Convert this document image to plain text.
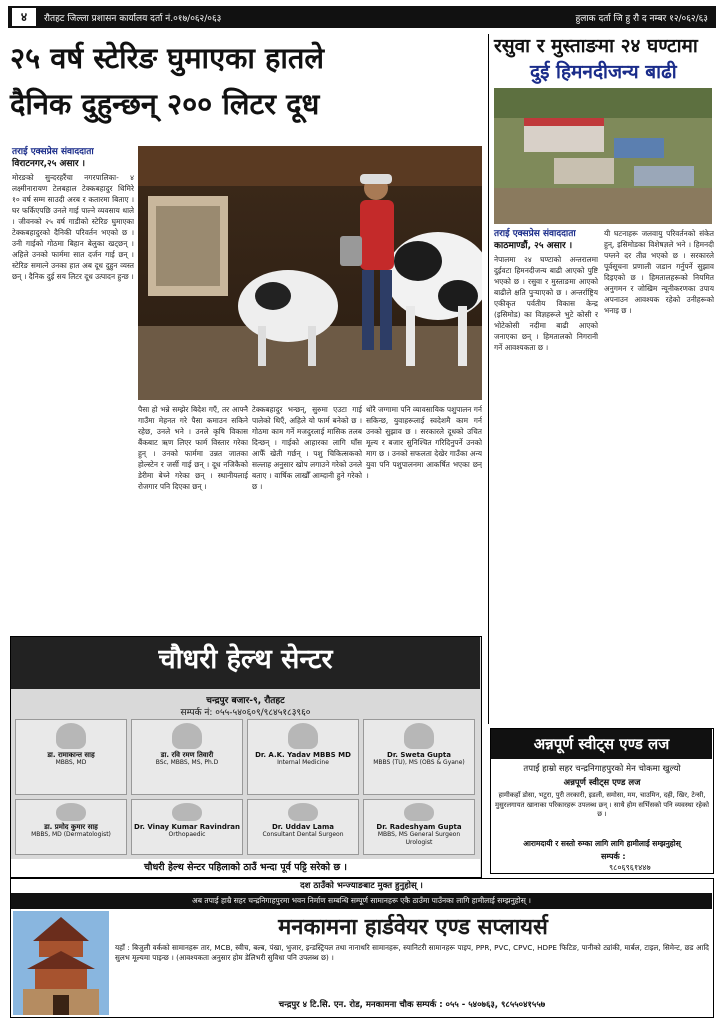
४	रौतहट जिल्ला प्रशासन कार्यालय दर्ता नं.०१७/०६२/०६३	हुलाक दर्ता जि हु रौ द नम्बर १२/०६२/६३
२५ वर्ष स्टेरिङ घुमाएका हातले
दैनिक दुहुन्छन् २०० लिटर दूध
रसुवा र मुस्ताङमा २४ घण्टामा
दुई हिमनदीजन्य बाढी
तराई एक्सप्रेस संवाददाता
विराटनगर,२५ असार ।
मोरङको सुन्दरहरैंचा नगरपालिका- ४ लक्ष्मीनारायण टेलबहाल टेक्कबहादुर थिमिरे १० वर्ष सम्म साउदी अरब र कतारमा बिताए । घर फर्किएपछि उनले गाई पाल्ने व्यवसाय थाले । जीवनको २५ वर्ष गाडीको स्टेरिङ घुमाएका टेक्कबहादुरको दैनिकी परिवर्तन भएको छ । उनी गाईको गोठमा बिहान बेलुका खट्छन् । अहिले उनको फार्ममा सात दर्जन गाई छन् । स्टेरिङ समात्ने उनका हात अब दूध दुहुन व्यस्त छन् । दैनिक दुई सय लिटर दूध उत्पादन हुन्छ ।
पैसा हो भन्ने सम्झेर बिदेश गएँ, तर आफ्नै गाउँमा मेहनत गरे पैसा कमाउन सकिने रहेछ, उनले भने । उनले कृषि विकास बैंकबाट ऋण लिएर फार्म विस्तार गरेका हुन् । उनको फार्ममा उन्नत जातका होल्स्टेन र जर्सी गाई छन् । दूध नजिकैको डेरीमा बेच्ने गरेका छन् । स्थानीयलाई रोजगार पनि दिएका छन् ।
टेक्कबहादुर भन्छन्, सुरुमा एउटा गाई पालेको थिएँ, अहिले यो फार्म बनेको छ । गोठमा काम गर्ने मजदुरलाई मासिक तलब दिन्छन् । गाईको आहारका लागि घाँस आफैँ खेती गर्छन् । पशु चिकित्सकको सल्लाह अनुसार खोप लगाउने गरेको उनले बताए । वार्षिक लाखौँ आम्दानी हुने गरेको छ ।
थोरै जग्गामा पनि व्यावसायिक पशुपालन गर्न सकिन्छ, युवाहरूलाई स्वदेशमै काम गर्न उनको सुझाव छ । सरकारले दूधको उचित मूल्य र बजार सुनिश्चित गरिदिनुपर्ने उनको माग छ । उनको सफलता देखेर गाउँका अन्य युवा पनि पशुपालनमा आकर्षित भएका छन् ।
तराई एक्सप्रेस संवाददाता
काठमाण्डौं, २५ असार ।
नेपालमा २४ घण्टाको अन्तरालमा दुईवटा हिमनदीजन्य बाढी आएको पुष्टि भएको छ । रसुवा र मुस्ताङमा आएको बाढीले क्षति पुर्‍याएको छ । अन्तर्राष्ट्रिय एकीकृत पर्वतीय विकास केन्द्र (इसिमोड) का विज्ञहरूले भुटे कोसी र भोटेकोसी नदीमा बाढी आएको जनाएका छन् । हिमतालको निगरानी गर्ने आवश्यकता छ ।
यी घटनाहरू जलवायु परिवर्तनको संकेत हुन्, इसिमोडका विशेषज्ञले भने । हिमनदी पग्लने दर तीव्र भएको छ । सरकारले पूर्वसूचना प्रणाली जडान गर्नुपर्ने सुझाव दिइएको छ । हिमतालहरूको नियमित अनुगमन र जोखिम न्यूनीकरणका उपाय अपनाउन आवश्यक रहेको उनीहरूको भनाइ छ ।
चौधरी हेल्थ सेन्टर
चन्द्रपुर बजार-९, रौतहट
सम्पर्क नं: ०५५-५४०६०९/९८४५१८३९६०
डा. रामाकान्त साह
MBBS, MD
डा. रवि रमण तिवारी
BSc, MBBS, MS, Ph.D
Dr. A.K. Yadav MBBS MD
Internal Medicine
Dr. Sweta Gupta
MBBS (TU), MS (OBS & Gyane)
डा. प्रमोद कुमार साह
MBBS, MD (Dermatologist)
Dr. Vinay Kumar Ravindran
Orthopaedic
Dr. Uddav Lama
Consultant Dental Surgeon
Dr. Radeshyam Gupta
MBBS, MS General Surgeon Urologist
चौधरी हेल्थ सेन्टर पहिलाको ठाउँ भन्दा पूर्व पट्टि सरेको छ ।
अन्नपूर्ण स्वीट्स एण्ड लज
तपाईं हाम्रो सहर चन्द्रनिगाहपुरको मेन चोकमा खुल्यो
अन्नपूर्ण स्वीट्स एण्ड लज
हामीकहाँ डोसा, भटुरा, पुरी तरकारी, इडली, समोसा, मम, चाउमिन, दही, खिर, टेन्सी, मुसुरलगायत खानाका परिकारहरू उपलब्ध छन् । साथै होम सर्भिसको पनि व्यवस्था रहेको छ ।
आरामदायी र सस्तो रुम्का लागि लागि हामीलाई सम्झनुहोस्
सम्पर्क :
९८०६९६१४४७
दश ठाउँको भन्ज्याङबाट मुक्त हुनुहोस् ।
अब तपाई हाम्रै सहर चन्द्रनिगाहपुरमा भवन निर्माण सम्बन्धि सम्पूर्ण सामानहरू एकै ठाउँमा पाउँनका लागि हामीलाई सम्झनुहोस् ।
मनकामना हार्डवेयर एण्ड सप्लायर्स
यहाँ : बिजुली वर्कको सामानहरू तार, MCB, स्वीच, बल्ब, पंखा, भुजार, इन्डस्ट्रियल तथा नानाथरि सामानहरू, स्यानिटरी सामानहरू पाइप, PPR, PVC, CPVC, HDPE फिटिङ, पानीको ट्यांकी, मार्बल, टाइल, सिमेन्ट, छड आदि सुलभ मूल्यमा पाइन्छ । (आवश्यकता अनुसार होम डेलिभरी सुविधा पनि उपलब्ध छ) ।
चन्द्रपुर ४ टि.सि. एन. रोड, मनकामना चौक सम्पर्क : ०५५ - ५४०७६३, ९८५५०४१५५७
